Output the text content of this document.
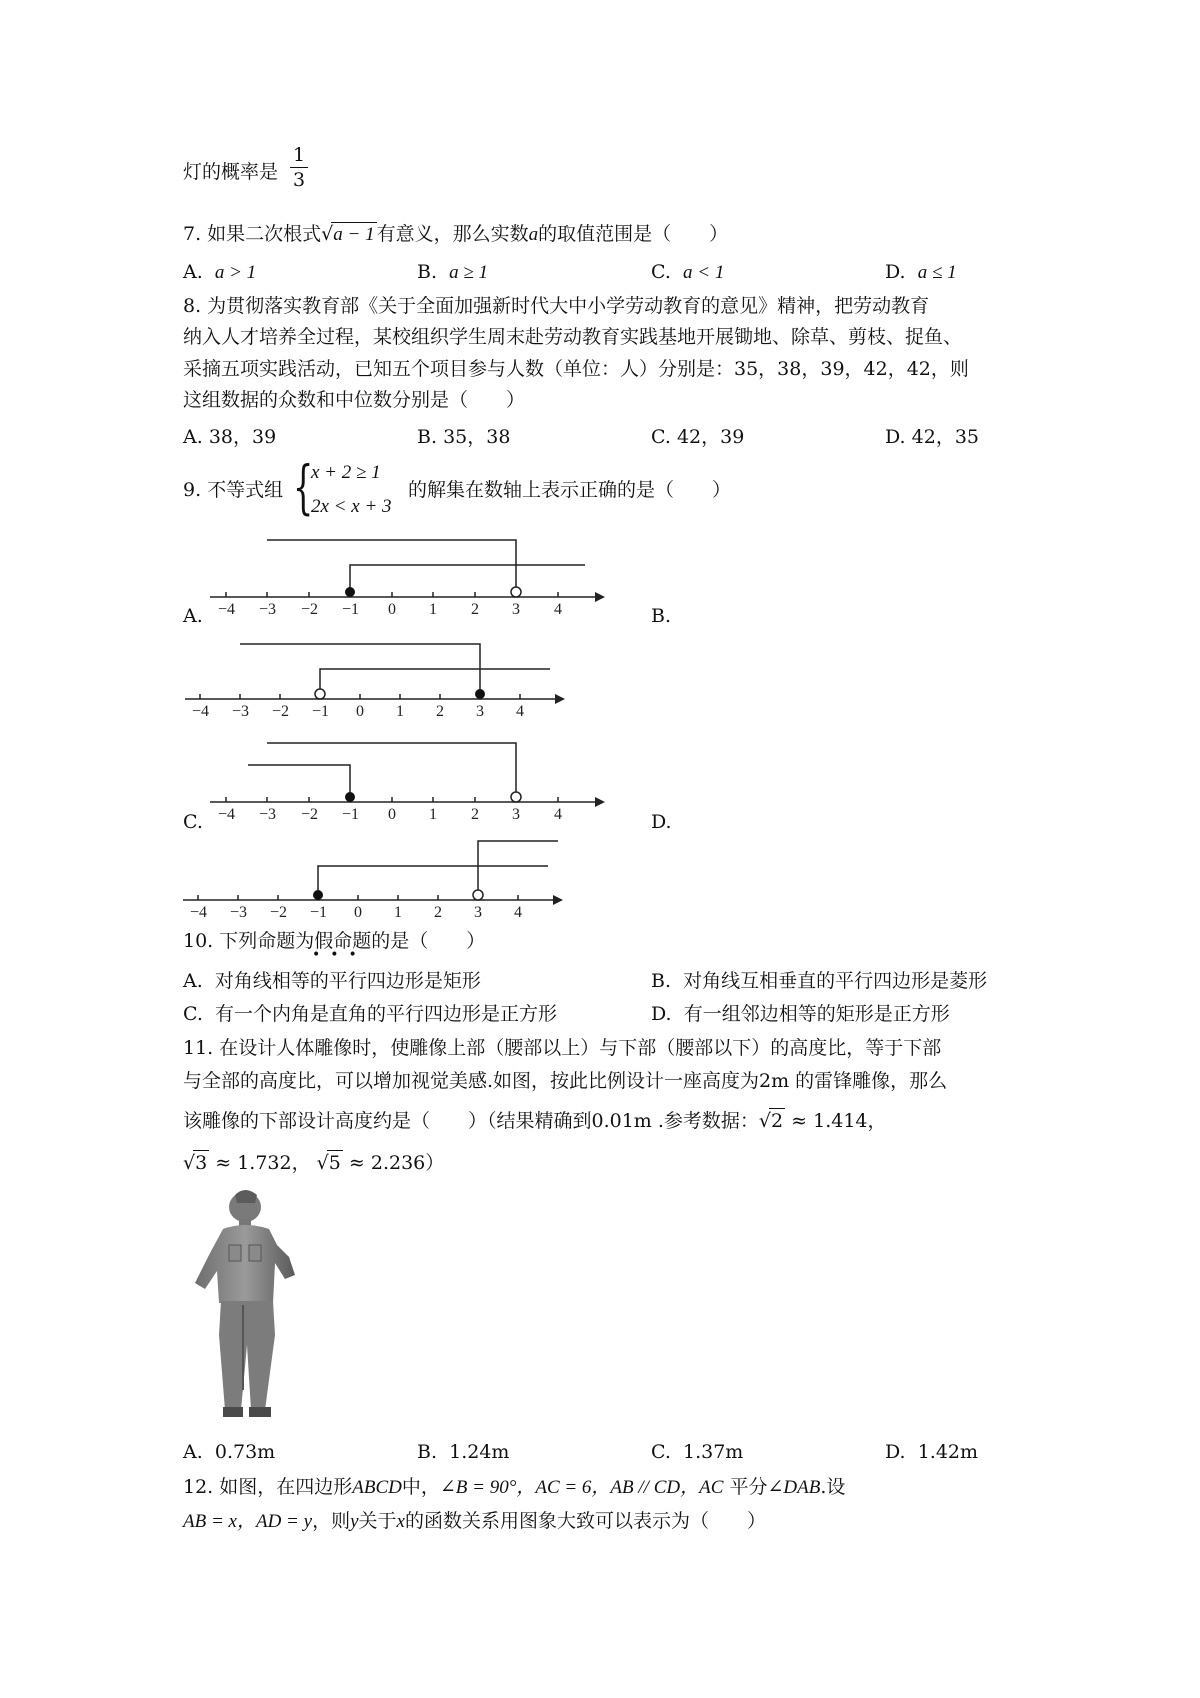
灯的概率是
1
3
7. 如果二次根式√a − 1 有意义，那么实数a的取值范围是（　　）
A. a > 1	B. a ≥ 1	C. a < 1	D. a ≤ 1
8. 为贯彻落实教育部《关于全面加强新时代大中小学劳动教育的意见》精神，把劳动教育
纳入人才培养全过程，某校组织学生周末赴劳动教育实践基地开展锄地、除草、剪枝、捉鱼、
采摘五项实践活动，已知五个项目参与人数（单位：人）分别是：35，38，39，42，42，则
这组数据的众数和中位数分别是（　　）
A. 38，39	B. 35，38	C. 42，39	D. 42，35
9. 不等式组 {
x + 2 ≥ 1
2x < x + 3
的解集在数轴上表示正确的是（　　）
A.	B.
C.	D.
−4 −3 −2 −1 0 1 2 3 4
−4 −3 −2 −1 0 1 2 3 4
−4 −3 −2 −1 0 1 2 3 4
−4 −3 −2 −1 0 1 2 3 4
10. 下列命题为假命题的是（　　）
•••
A. 对角线相等的平行四边形是矩形	B. 对角线互相垂直的平行四边形是菱形
C. 有一个内角是直角的平行四边形是正方形	D. 有一组邻边相等的矩形是正方形
11. 在设计人体雕像时，使雕像上部（腰部以上）与下部（腰部以下）的高度比，等于下部
与全部的高度比，可以增加视觉美感.如图，按此比例设计一座高度为2m 的雷锋雕像，那么
该雕像的下部设计高度约是（　　）（结果精确到0.01m .参考数据：√2 ≈ 1.414，
√3 ≈ 1.732， √5 ≈ 2.236）
A. 0.73m	B. 1.24m	C. 1.37m	D. 1.42m
12. 如图，在四边形ABCD中，∠B = 90°，AC = 6，AB // CD，AC 平分∠DAB.设
AB = x，AD = y，则y关于x的函数关系用图象大致可以表示为（　　）
